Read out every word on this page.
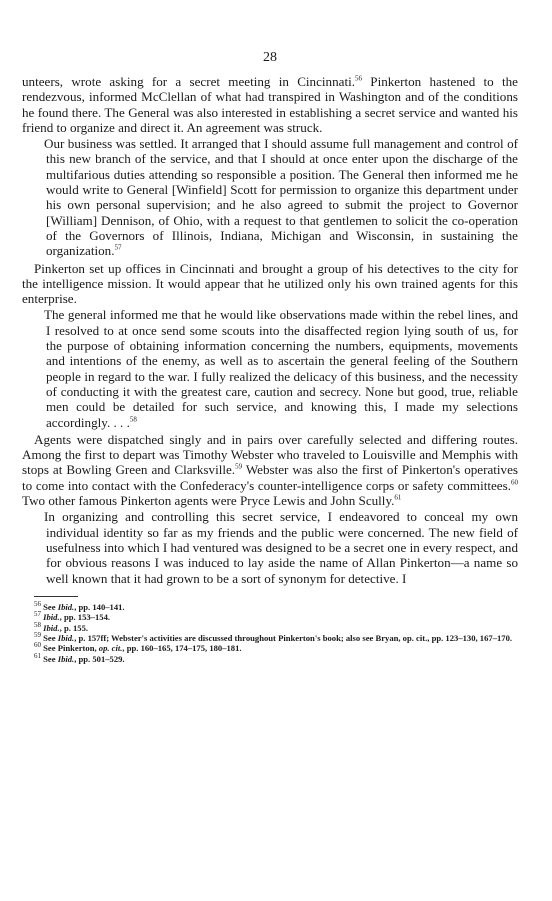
28

unteers, wrote asking for a secret meeting in Cincinnati.$^{56}$ Pinkerton hastened to the rendezvous, informed McClellan of what had transpired in Washington and of the conditions he found there. The General was also interested in establishing a secret service and wanted his friend to organize and direct it. An agreement was struck.

Our business was settled. It arranged that I should assume full management and control of this new branch of the service, and that I should at once enter upon the discharge of the multifarious duties attending so responsible a position. The General then informed me he would write to General [Winfield] Scott for permission to organize this department under his own personal supervision; and he also agreed to submit the project to Governor [William] Dennison, of Ohio, with a request to that gentlemen to solicit the co-operation of the Governors of Illinois, Indiana, Michigan and Wisconsin, in sustaining the organization.$^{57}$

Pinkerton set up offices in Cincinnati and brought a group of his detectives to the city for the intelligence mission. It would appear that he utilized only his own trained agents for this enterprise.

The general informed me that he would like observations made within the rebel lines, and I resolved to at once send some scouts into the disaffected region lying south of us, for the purpose of obtaining information concerning the numbers, equipments, movements and intentions of the enemy, as well as to ascertain the general feeling of the Southern people in regard to the war. I fully realized the delicacy of this business, and the necessity of conducting it with the greatest care, caution and secrecy. None but good, true, reliable men could be detailed for such service, and knowing this, I made my selections accordingly. . . .$^{58}$

Agents were dispatched singly and in pairs over carefully selected and differing routes. Among the first to depart was Timothy Webster who traveled to Louisville and Memphis with stops at Bowling Green and Clarksville.$^{59}$ Webster was also the first of Pinkerton's operatives to come into contact with the Confederacy's counter-intelligence corps or safety committees.$^{60}$ Two other famous Pinkerton agents were Pryce Lewis and John Scully.$^{61}$

In organizing and controlling this secret service, I endeavored to conceal my own individual identity so far as my friends and the public were concerned. The new field of usefulness into which I had ventured was designed to be a secret one in every respect, and for obvious reasons I was induced to lay aside the name of Allan Pinkerton—a name so well known that it had grown to be a sort of synonym for detective. I

$^{56}$ See Ibid., pp. 140–141.

$^{57}$ Ibid., pp. 153–154.

$^{58}$ Ibid., p. 155.

$^{59}$ See Ibid., p. 157ff; Webster's activities are discussed throughout Pinkerton's book; also see Bryan, op. cit., pp. 123–130, 167–170.

$^{60}$ See Pinkerton, op. cit., pp. 160–165, 174–175, 180–181.

$^{61}$ See Ibid., pp. 501–529.
